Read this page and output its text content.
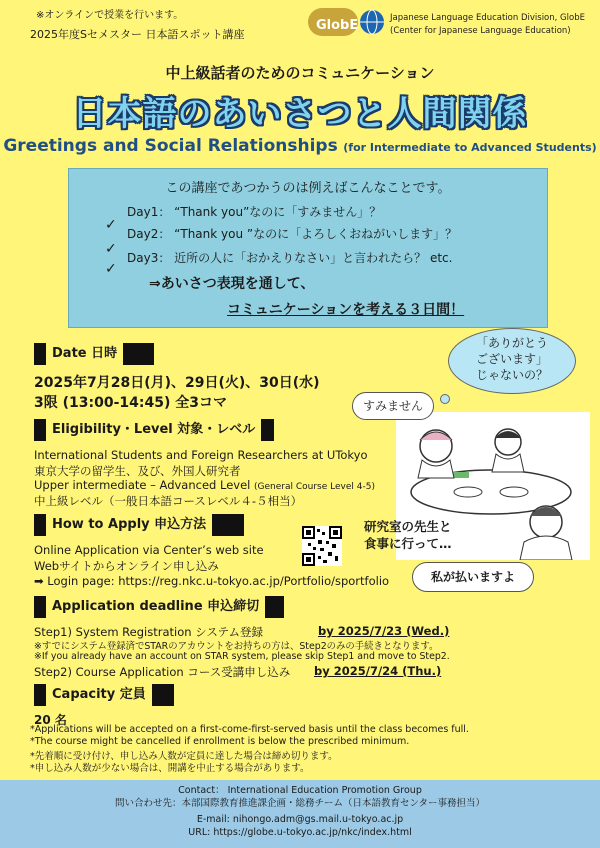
※オンラインで授業を行います。
2025年度Sセメスター 日本語スポット講座
GlobE	Japanese Language Education Division, GlobE
(Center for Japanese Language Education)
中上級話者のためのコミュニケーション
日本語のあいさつと人間関係
Greetings and Social Relationships (for Intermediate to Advanced Students)
この講座であつかうのは例えばこんなことです。
Day1： “Thank you”なのに「すみません」？
✓
Day2： “Thank you ”なのに「よろしくおねがいします」？
✓
Day3： 近所の人に「おかえりなさい」と言われたら？ etc.
✓
⇒あいさつ表現を通して、
コミュニケーションを考える３日間！
Date 日時
2025年7月28日(月)、29日(火)、30日(水)
3限 (13:00-14:45) 全3コマ
Eligibility・Level 対象・レベル
International Students and Foreign Researchers at UTokyo
東京大学の留学生、及び、外国人研究者
Upper intermediate – Advanced Level (General Course Level 4-5)
中上級レベル（一般日本語コースレベル４‐５相当）
How to Apply 申込方法
Online Application via Center’s web site
Webサイトからオンライン申し込み
➡ Login page: https://reg.nkc.u-tokyo.ac.jp/Portfolio/sportfolio
Application deadline 申込締切
Step1) System Registration システム登録	by 2025/7/23 (Wed.)
※すでにシステム登録済でSTARのアカウントをお持ちの方は、Step2のみの手続きとなります。
※If you already have an account on STAR system, please skip Step1 and move to Step2.
Step2) Course Application コース受講申し込み by 2025/7/24 (Thu.)
Capacity 定員
20 名
*Applications will be accepted on a first-come-first-served basis until the class becomes full.
*The course might be cancelled if enrollment is below the prescribed minimum.
*先着順に受け付け、申し込み人数が定員に達した場合は締め切ります。
*申し込み人数が少ない場合は、開講を中止する場合があります。
「ありがとう
ございます」
じゃないの？
すみません
研究室の先生と
食事に行って…
私が払いますよ
Contact： International Education Promotion Group
問い合わせ先：本部国際教育推進課企画・総務チーム（日本語教育センター事務担当）
E-mail: nihongo.adm@gs.mail.u-tokyo.ac.jp
URL: https://globe.u-tokyo.ac.jp/nkc/index.html
